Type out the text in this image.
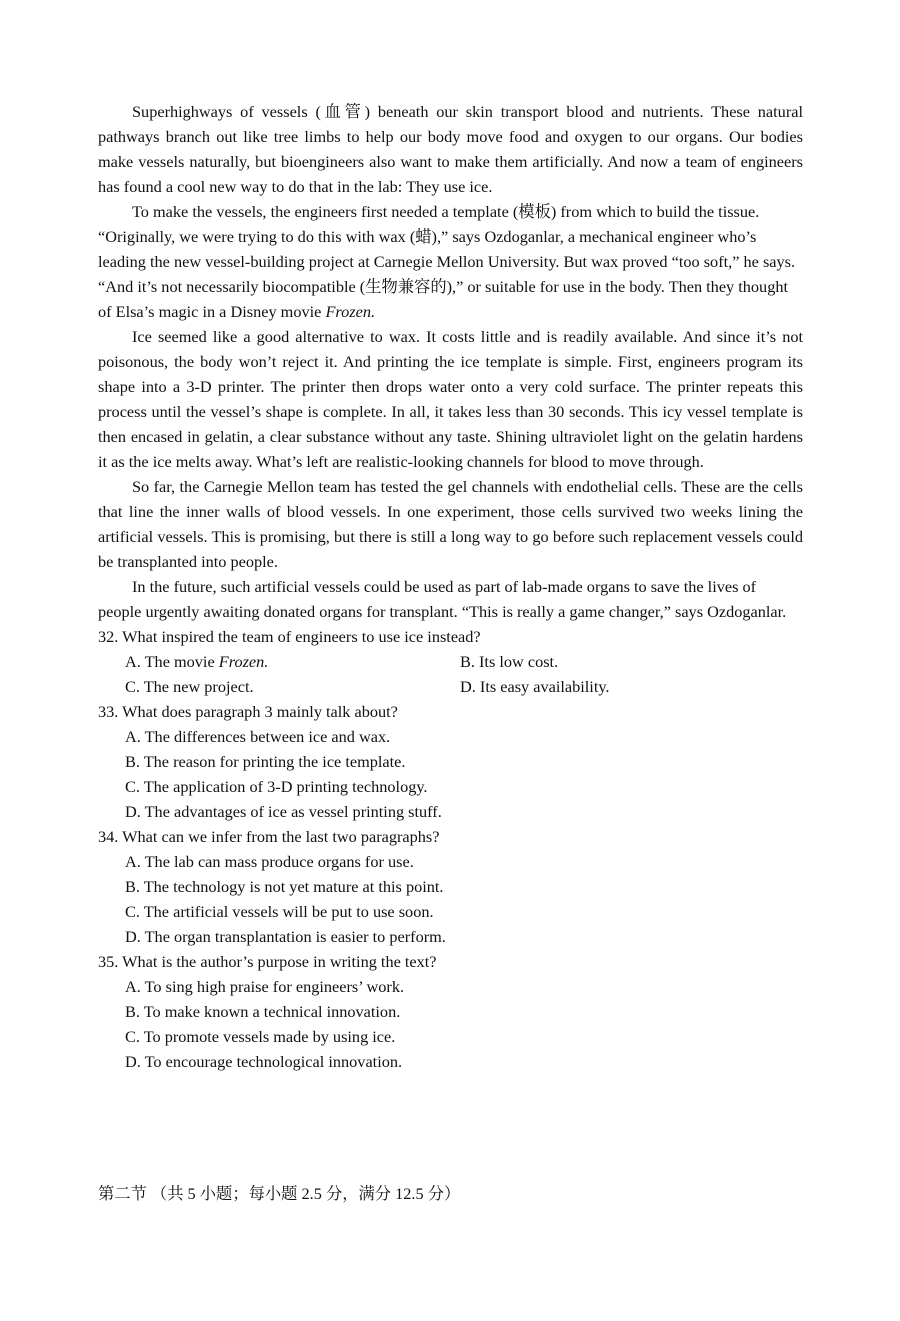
Superhighways of vessels (血管) beneath our skin transport blood and nutrients. These natural pathways branch out like tree limbs to help our body move food and oxygen to our organs. Our bodies make vessels naturally, but bioengineers also want to make them artificially. And now a team of engineers has found a cool new way to do that in the lab: They use ice.

To make the vessels, the engineers first needed a template (模板) from which to build the tissue. “Originally, we were trying to do this with wax (蜡),” says Ozdoganlar, a mechanical engineer who’s leading the new vessel-building project at Carnegie Mellon University. But wax proved “too soft,” he says. “And it’s not necessarily biocompatible (生物兼容的),” or suitable for use in the body. Then they thought of Elsa’s magic in a Disney movie Frozen.

Ice seemed like a good alternative to wax. It costs little and is readily available. And since it’s not poisonous, the body won’t reject it. And printing the ice template is simple. First, engineers program its shape into a 3-D printer. The printer then drops water onto a very cold surface. The printer repeats this process until the vessel’s shape is complete. In all, it takes less than 30 seconds. This icy vessel template is then encased in gelatin, a clear substance without any taste. Shining ultraviolet light on the gelatin hardens it as the ice melts away. What’s left are realistic-looking channels for blood to move through.

So far, the Carnegie Mellon team has tested the gel channels with endothelial cells. These are the cells that line the inner walls of blood vessels. In one experiment, those cells survived two weeks lining the artificial vessels. This is promising, but there is still a long way to go before such replacement vessels could be transplanted into people.

In the future, such artificial vessels could be used as part of lab-made organs to save the lives of people urgently awaiting donated organs for transplant. “This is really a game changer,” says Ozdoganlar.

32. What inspired the team of engineers to use ice instead?

A. The movie Frozen.	B. Its low cost.

C. The new project.	D. Its easy availability.

33. What does paragraph 3 mainly talk about?

A. The differences between ice and wax.

B. The reason for printing the ice template.

C. The application of 3-D printing technology.

D. The advantages of ice as vessel printing stuff.

34. What can we infer from the last two paragraphs?

A. The lab can mass produce organs for use.

B. The technology is not yet mature at this point.

C. The artificial vessels will be put to use soon.

D. The organ transplantation is easier to perform.

35. What is the author’s purpose in writing the text?

A. To sing high praise for engineers’ work.

B. To make known a technical innovation.

C. To promote vessels made by using ice.

D. To encourage technological innovation.

第二节 （共 5 小题；每小题 2.5 分，满分 12.5 分）
